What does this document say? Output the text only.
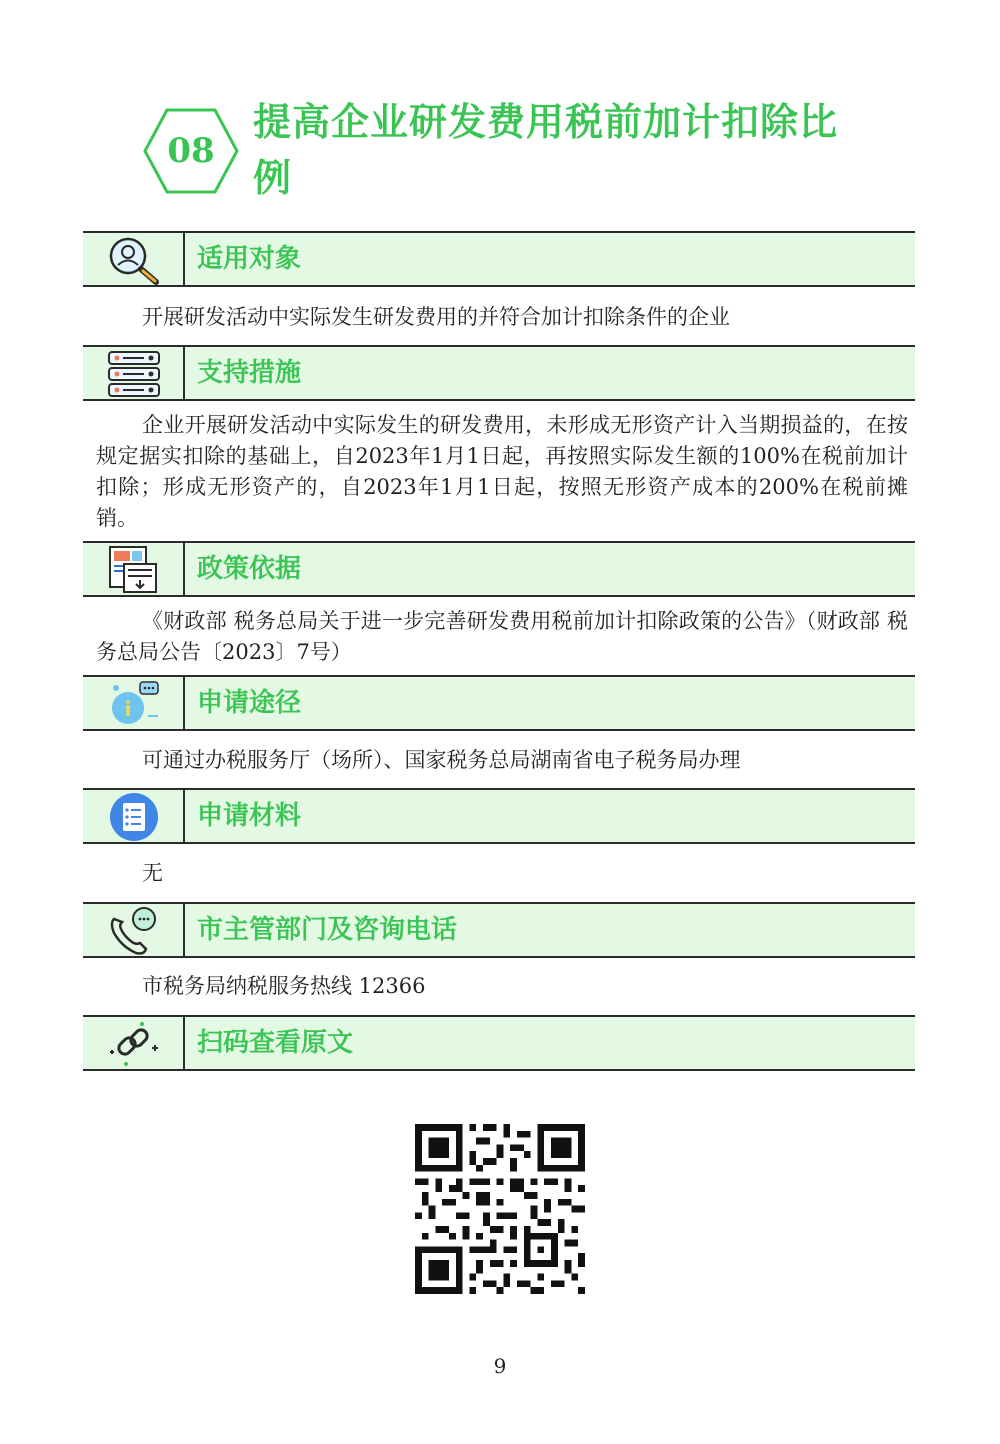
08
提高企业研发费用税前加计扣除比例
适用对象
开展研发活动中实际发生研发费用的并符合加计扣除条件的企业
支持措施
企业开展研发活动中实际发生的研发费用，未形成无形资产计入当期损益的，在按规定据实扣除的基础上，自2023年1月1日起，再按照实际发生额的100%在税前加计扣除；形成无形资产的，自2023年1月1日起，按照无形资产成本的200%在税前摊销。
政策依据
《财政部 税务总局关于进一步完善研发费用税前加计扣除政策的公告》（财政部 税务总局公告〔2023〕7号）
i	申请途径
可通过办税服务厅（场所）、国家税务总局湖南省电子税务局办理
申请材料
无
市主管部门及咨询电话
市税务局纳税服务热线 12366
扫码查看原文
9
